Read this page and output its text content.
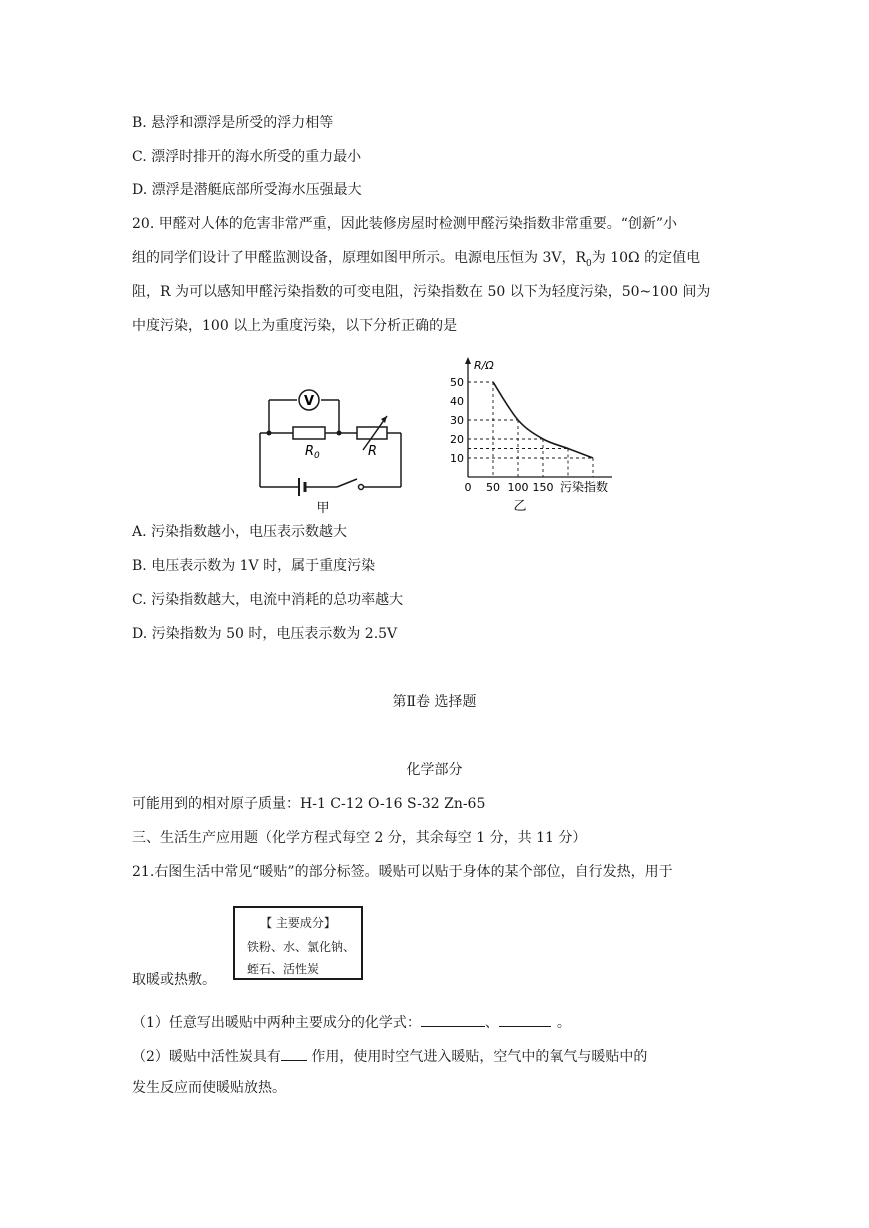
B. 悬浮和漂浮是所受的浮力相等
C. 漂浮时排开的海水所受的重力最小
D. 漂浮是潜艇底部所受海水压强最大
20. 甲醛对人体的危害非常严重，因此装修房屋时检测甲醛污染指数非常重要。“创新”小
组的同学们设计了甲醛监测设备，原理如图甲所示。电源电压恒为 3V，$R_0$为 10Ω 的定值电
阻，R 为可以感知甲醛污染指数的可变电阻，污染指数在 50 以下为轻度污染，50~100 间为
中度污染，100 以上为重度污染，以下分析正确的是
V
$R_0$	R
甲
10
20
30
40
50
0 50 100 150
R/Ω
污染指数
乙
A. 污染指数越小，电压表示数越大
B. 电压表示数为 1V 时，属于重度污染
C. 污染指数越大，电流中消耗的总功率越大
D. 污染指数为 50 时，电压表示数为 2.5V
第Ⅱ卷 选择题
化学部分
可能用到的相对原子质量：H-1 C-12 O-16 S-32 Zn-65
三、生活生产应用题（化学方程式每空 2 分，其余每空 1 分，共 11 分）
21.右图生活中常见“暖贴”的部分标签。暖贴可以贴于身体的某个部位，自行发热，用于
【 主要成分】
铁粉、水、氯化钠、
蛭石、活性炭
取暖或热敷。
（1）任意写出暖贴中两种主要成分的化学式：	、	。
（2）暖贴中活性炭具有 作用，使用时空气进入暖贴，空气中的氧气与暖贴中的
发生反应而使暖贴放热。
